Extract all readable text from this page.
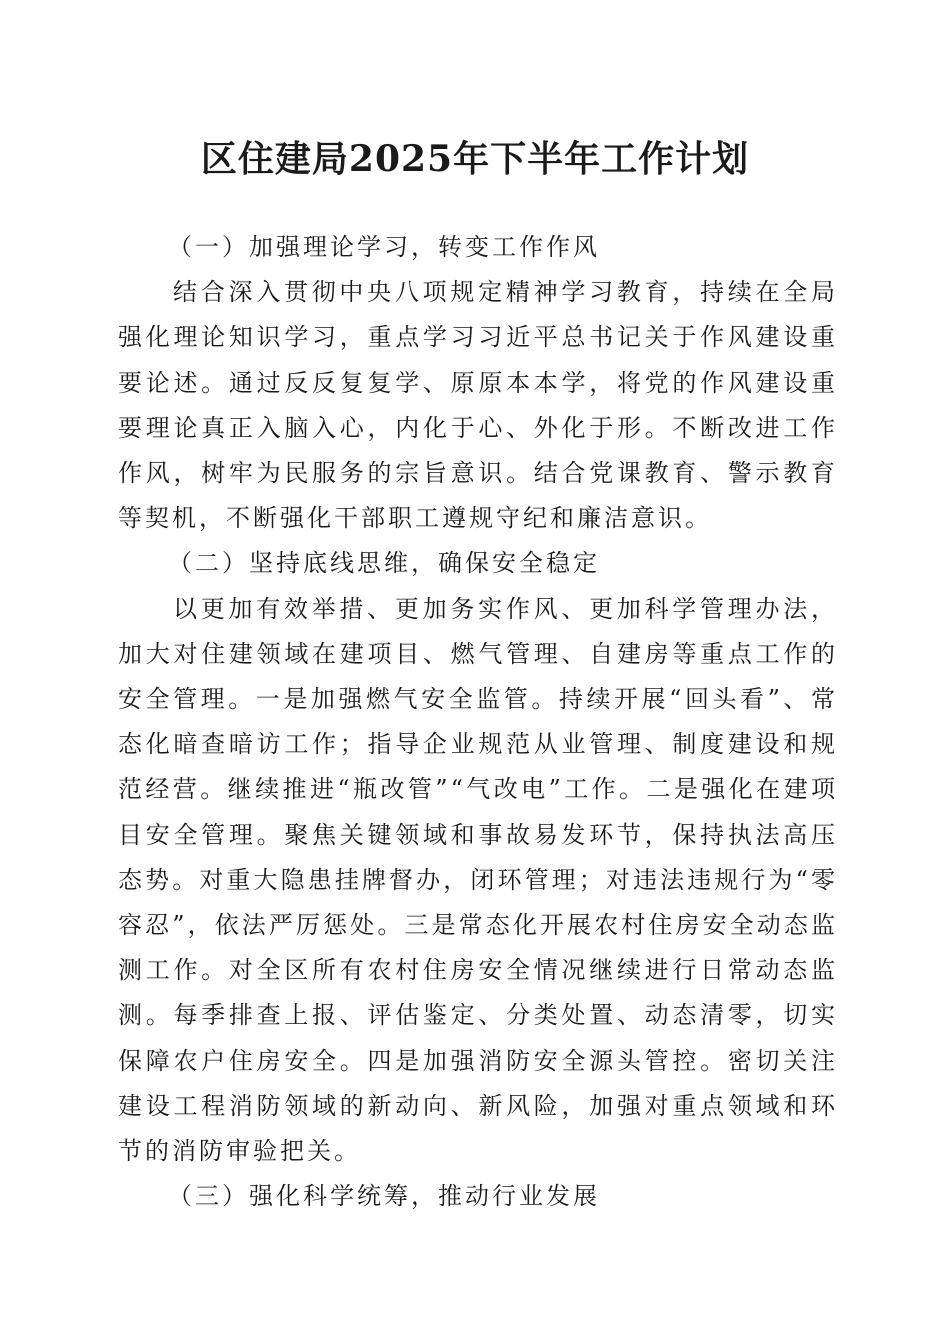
区住建局2025年下半年工作计划
（一）加强理论学习，转变工作作风

结合深入贯彻中央八项规定精神学习教育，持续在全局强化理论知识学习，重点学习习近平总书记关于作风建设重要论述。通过反反复复学、原原本本学，将党的作风建设重要理论真正入脑入心，内化于心、外化于形。不断改进工作作风，树牢为民服务的宗旨意识。结合党课教育、警示教育等契机，不断强化干部职工遵规守纪和廉洁意识。

（二）坚持底线思维，确保安全稳定

以更加有效举措、更加务实作风、更加科学管理办法，加大对住建领域在建项目、燃气管理、自建房等重点工作的安全管理。一是加强燃气安全监管。持续开展“回头看”、常态化暗查暗访工作；指导企业规范从业管理、制度建设和规范经营。继续推进“瓶改管”“气改电”工作。二是强化在建项目安全管理。聚焦关键领域和事故易发环节，保持执法高压态势。对重大隐患挂牌督办，闭环管理；对违法违规行为“零容忍”，依法严厉惩处。三是常态化开展农村住房安全动态监测工作。对全区所有农村住房安全情况继续进行日常动态监测。每季排查上报、评估鉴定、分类处置、动态清零，切实保障农户住房安全。四是加强消防安全源头管控。密切关注建设工程消防领域的新动向、新风险，加强对重点领域和环节的消防审验把关。

（三）强化科学统筹，推动行业发展
